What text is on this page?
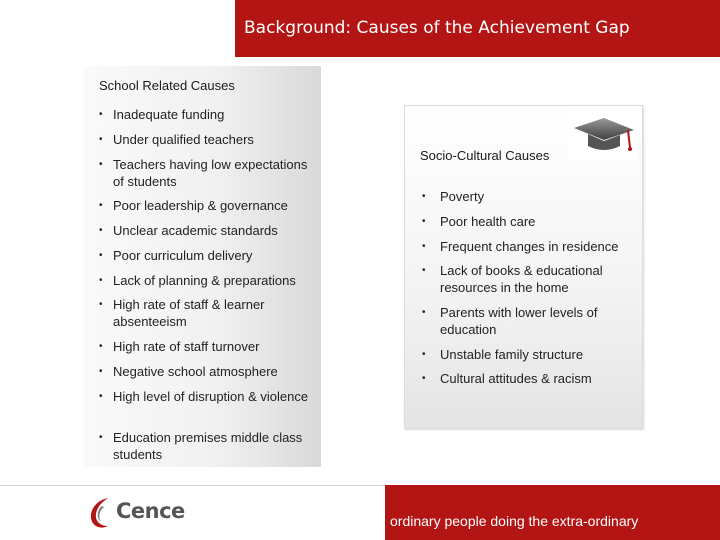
Background: Causes of the Achievement Gap
School Related Causes
• Inadequate funding
• Under qualified teachers
• Teachers having low expectations of students
• Poor leadership & governance
• Unclear academic standards
• Poor curriculum delivery
• Lack of planning & preparations
• High rate of staff & learner absenteeism
• High rate of staff turnover
• Negative school atmosphere
• High level of disruption & violence
• Education premises middle class students
Socio-Cultural Causes
•	Poverty
•	Poor health care
•	Frequent changes in residence
•	Lack of books & educational resources in the home
•	Parents with lower levels of education
•	Unstable family structure
•	Cultural attitudes & racism
Cence	ordinary people doing the extra-ordinary
